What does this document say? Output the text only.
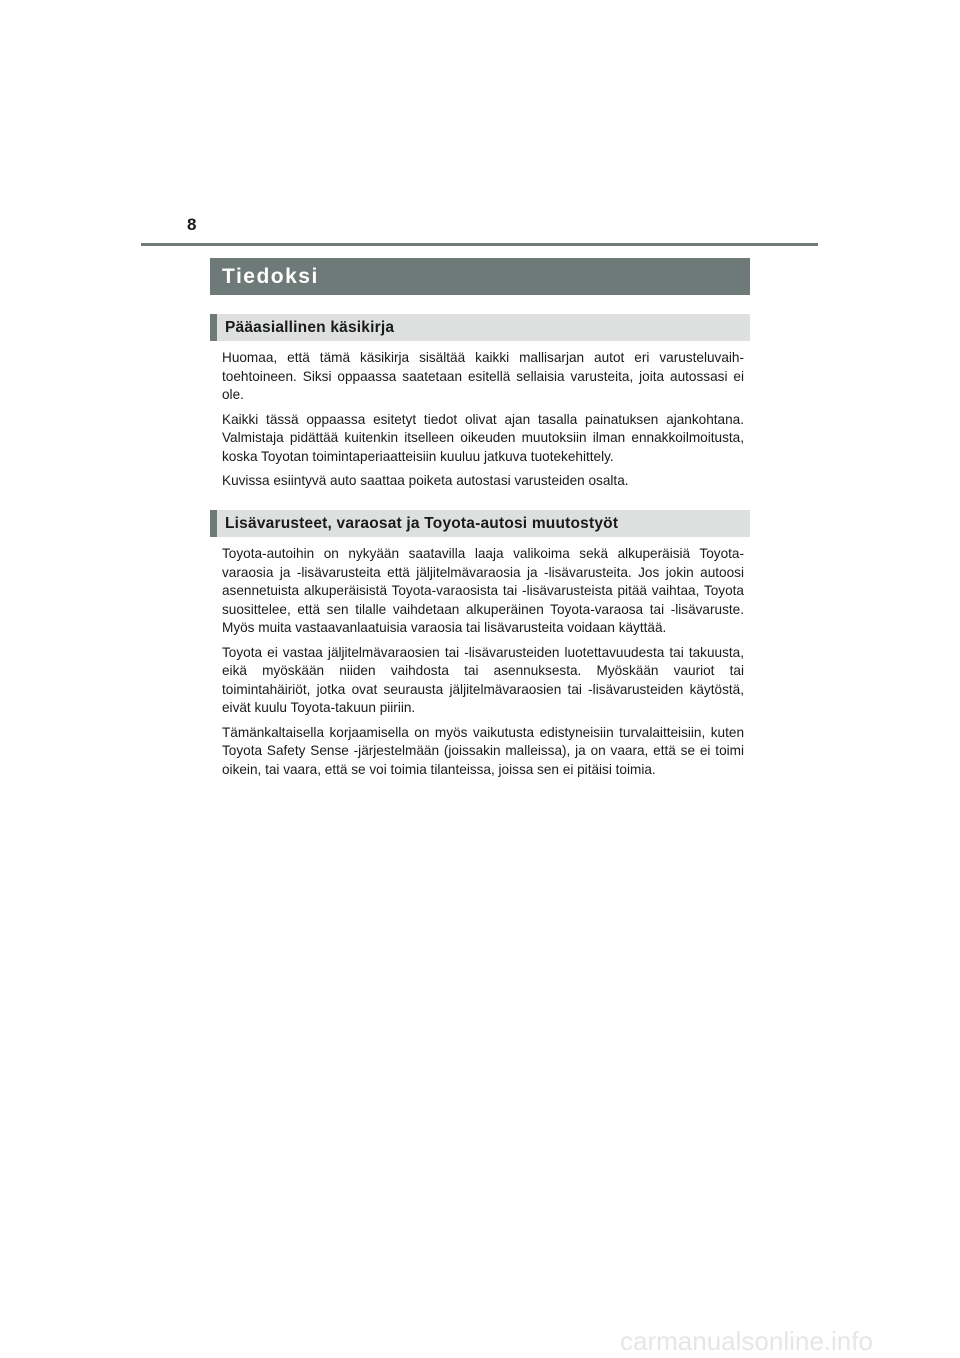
8
Tiedoksi
Pääasiallinen käsikirja

Huomaa, että tämä käsikirja sisältää kaikki mallisarjan autot eri varusteluvaihtoehtoineen. Siksi oppaassa saatetaan esitellä sellaisia varusteita, joita autossasi ei ole.

Kaikki tässä oppaassa esitetyt tiedot olivat ajan tasalla painatuksen ajankohtana. Valmistaja pidättää kuitenkin itselleen oikeuden muutoksiin ilman ennakkoilmoitusta, koska Toyotan toimintaperiaatteisiin kuuluu jatkuva tuotekehittely.

Kuvissa esiintyvä auto saattaa poiketa autostasi varusteiden osalta.

Lisävarusteet, varaosat ja Toyota-autosi muutostyöt

Toyota-autoihin on nykyään saatavilla laaja valikoima sekä alkuperäisiä Toyota-varaosia ja -lisävarusteita että jäljitelmävaraosia ja -lisävarusteita. Jos jokin autoosi asennetuista alkuperäisistä Toyota-varaosista tai -lisävarusteista pitää vaihtaa, Toyota suosittelee, että sen tilalle vaihdetaan alkuperäinen Toyota-varaosa tai -lisävaruste. Myös muita vastaavanlaatuisia varaosia tai lisävarusteita voidaan käyttää.

Toyota ei vastaa jäljitelmävaraosien tai -lisävarusteiden luotettavuudesta tai takuusta, eikä myöskään niiden vaihdosta tai asennuksesta. Myöskään vauriot tai toimintahäiriöt, jotka ovat seurausta jäljitelmävaraosien tai -lisävarusteiden käytöstä, eivät kuulu Toyota-takuun piiriin.

Tämänkaltaisella korjaamisella on myös vaikutusta edistyneisiin turvalaitteisiin, kuten Toyota Safety Sense -järjestelmään (joissakin malleissa), ja on vaara, että se ei toimi oikein, tai vaara, että se voi toimia tilanteissa, joissa sen ei pitäisi toimia.

carmanualsonline.info
